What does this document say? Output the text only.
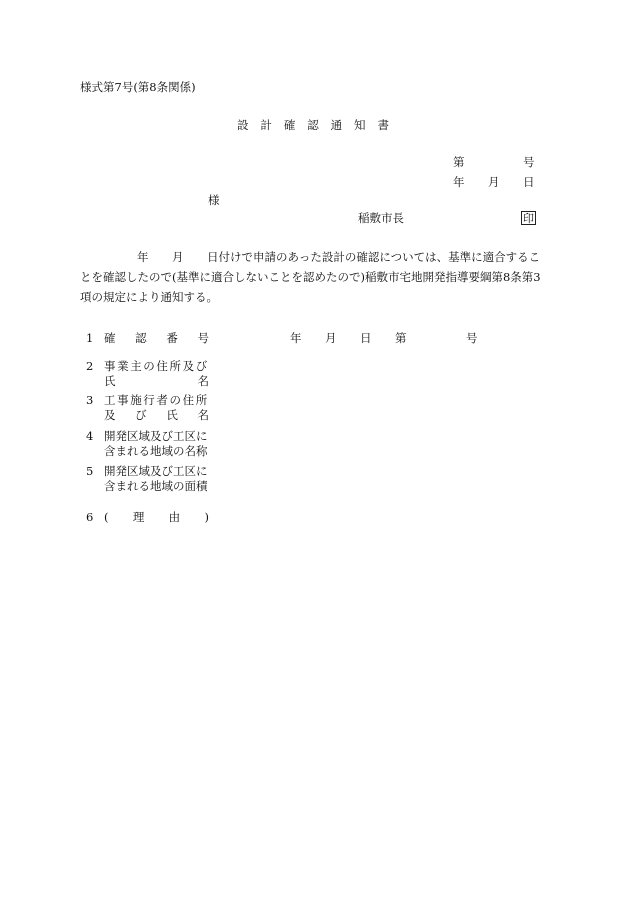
様式第7号(第8条関係)
設 計 確 認 通 知 書
第	号
年 月 日
様
稲敷市長	印
年 月 日付けで申請のあった設計の確認については、基準に適合するこ
とを確認したので(基準に適合しないことを認めたので)稲敷市宅地開発指導要綱第8条第3
項の規定により通知する。
1 確 認 番 号	年 月 日 第	号
2 事業主の住所及び
氏	名
3 工事施行者の住所
及 び 氏 名
4 開発区域及び工区に
含まれる地域の名称
5 開発区域及び工区に
含まれる地域の面積
6 ( 理 由 )
